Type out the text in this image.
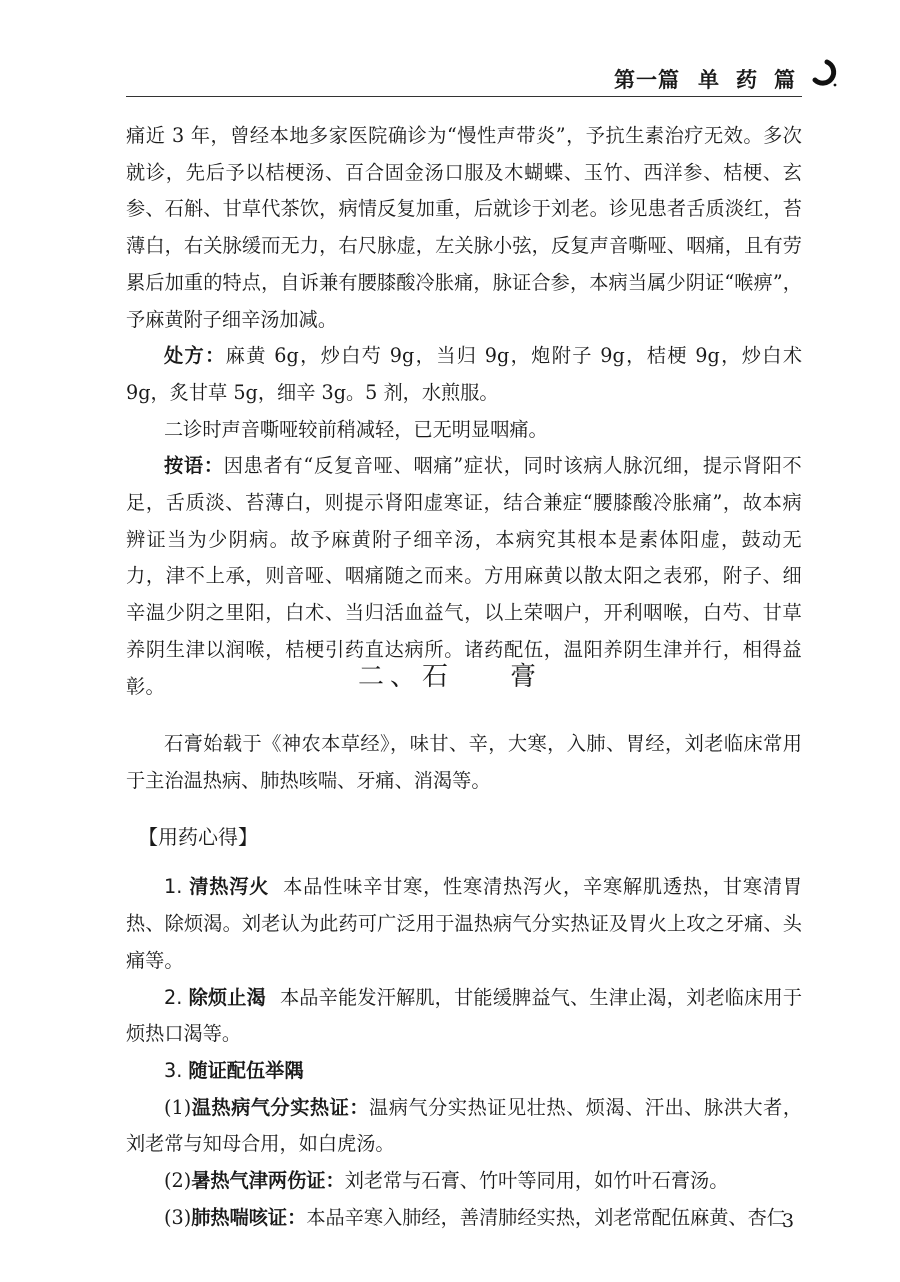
第一篇 单 药 篇

痛近 3 年，曾经本地多家医院确诊为“慢性声带炎”，予抗生素治疗无效。多次就诊，先后予以桔梗汤、百合固金汤口服及木蝴蝶、玉竹、西洋参、桔梗、玄参、石斛、甘草代茶饮，病情反复加重，后就诊于刘老。诊见患者舌质淡红，苔薄白，右关脉缓而无力，右尺脉虚，左关脉小弦，反复声音嘶哑、咽痛，且有劳累后加重的特点，自诉兼有腰膝酸冷胀痛，脉证合参，本病当属少阴证“喉痹”，予麻黄附子细辛汤加减。

处方：麻黄 6g，炒白芍 9g，当归 9g，炮附子 9g，桔梗 9g，炒白术 9g，炙甘草 5g，细辛 3g。5 剂，水煎服。

二诊时声音嘶哑较前稍减轻，已无明显咽痛。

按语：因患者有“反复音哑、咽痛”症状，同时该病人脉沉细，提示肾阳不足，舌质淡、苔薄白，则提示肾阳虚寒证，结合兼症“腰膝酸冷胀痛”，故本病辨证当为少阴病。故予麻黄附子细辛汤，本病究其根本是素体阳虚，鼓动无力，津不上承，则音哑、咽痛随之而来。方用麻黄以散太阳之表邪，附子、细辛温少阴之里阳，白术、当归活血益气，以上荣咽户，开利咽喉，白芍、甘草养阴生津以润喉，桔梗引药直达病所。诸药配伍，温阳养阴生津并行，相得益彰。	二、石 膏

石膏始载于《神农本草经》，味甘、辛，大寒，入肺、胃经，刘老临床常用于主治温热病、肺热咳喘、牙痛、消渴等。

【用药心得】

1. 清热泻火 本品性味辛甘寒，性寒清热泻火，辛寒解肌透热，甘寒清胃热、除烦渴。刘老认为此药可广泛用于温热病气分实热证及胃火上攻之牙痛、头痛等。

2. 除烦止渴 本品辛能发汗解肌，甘能缓脾益气、生津止渴，刘老临床用于烦热口渴等。

3. 随证配伍举隅

(1)温热病气分实热证：温病气分实热证见壮热、烦渴、汗出、脉洪大者，刘老常与知母合用，如白虎汤。

(2)暑热气津两伤证：刘老常与石膏、竹叶等同用，如竹叶石膏汤。

(3)肺热喘咳证：本品辛寒入肺经，善清肺经实热，刘老常配伍麻黄、杏仁

3
